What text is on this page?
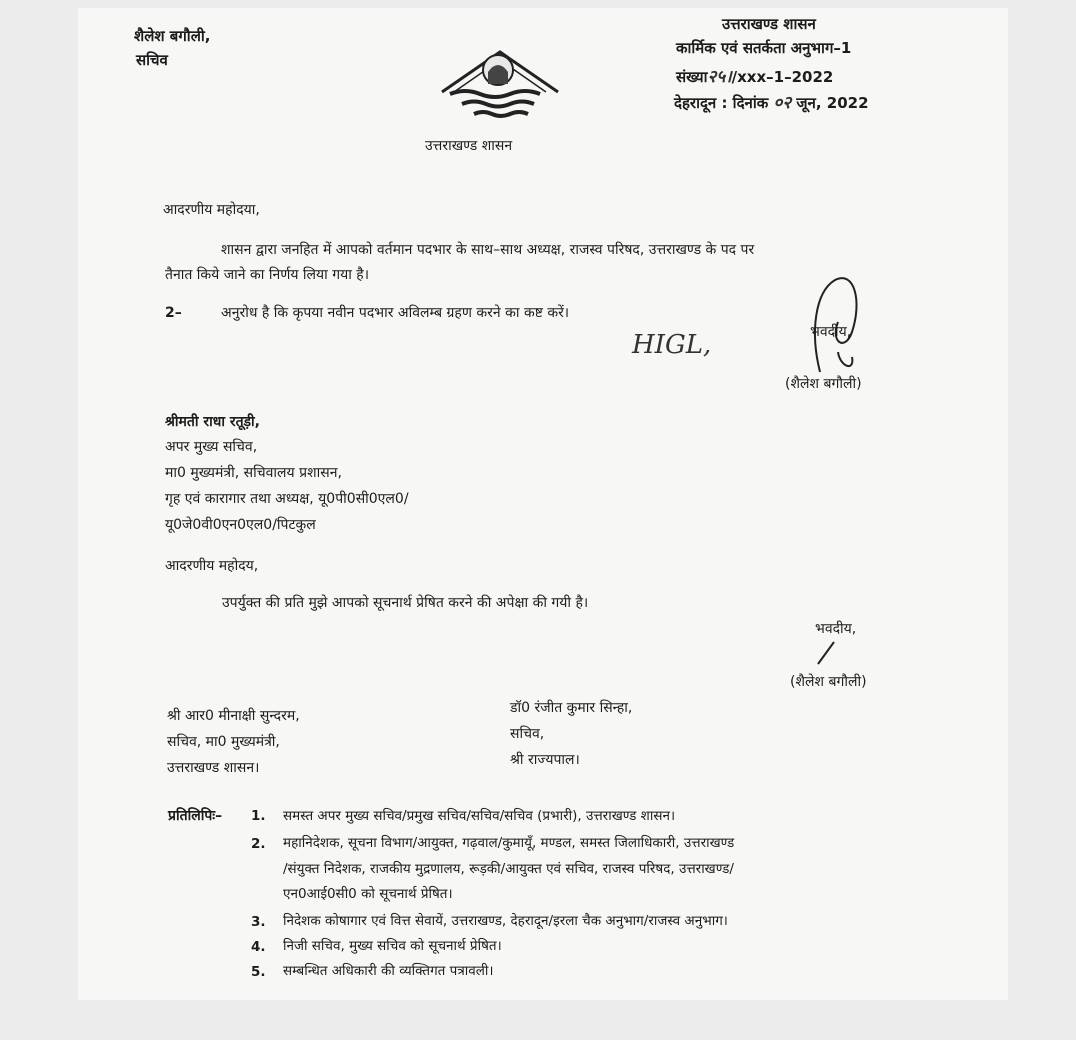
शैलेश बगौली,
सचिव
उत्तराखण्ड शासन
उत्तराखण्ड शासन
कार्मिक एवं सतर्कता अनुभाग–1
संख्या२५।/xxx–1–2022
देहरादून : दिनांक ०२ जून, 2022
आदरणीय महोदया,
शासन द्वारा जनहित में आपको वर्तमान पदभार के साथ–साथ अध्यक्ष, राजस्व परिषद, उत्तराखण्ड के पद पर
तैनात किये जाने का निर्णय लिया गया है।
2–	अनुरोध है कि कृपया नवीन पदभार अविलम्ब ग्रहण करने का कष्ट करें।
HIGL,	भवदीय,
(शैलेश बगौली)
श्रीमती राधा रतूड़ी,
अपर मुख्य सचिव,
मा0 मुख्यमंत्री, सचिवालय प्रशासन,
गृह एवं कारागार तथा अध्यक्ष, यू0पी0सी0एल0/
यू0जे0वी0एन0एल0/पिटकुल
आदरणीय महोदय,
उपर्युक्त की प्रति मुझे आपको सूचनार्थ प्रेषित करने की अपेक्षा की गयी है।
भवदीय,
(शैलेश बगौली)
श्री आर0 मीनाक्षी सुन्दरम,
सचिव, मा0 मुख्यमंत्री,
उत्तराखण्ड शासन।
डॉ0 रंजीत कुमार सिन्हा,
सचिव,
श्री राज्यपाल।
प्रतिलिपिः– 1. समस्त अपर मुख्य सचिव/प्रमुख सचिव/सचिव/सचिव (प्रभारी), उत्तराखण्ड शासन।
2. महानिदेशक, सूचना विभाग/आयुक्त, गढ़वाल/कुमायूँ, मण्डल, समस्त जिलाधिकारी, उत्तराखण्ड
/संयुक्त निदेशक, राजकीय मुद्रणालय, रूड़की/आयुक्त एवं सचिव, राजस्व परिषद, उत्तराखण्ड/
एन0आई0सी0 को सूचनार्थ प्रेषित।
3. निदेशक कोषागार एवं वित्त सेवायें, उत्तराखण्ड, देहरादून/इरला चैक अनुभाग/राजस्व अनुभाग।
4. निजी सचिव, मुख्य सचिव को सूचनार्थ प्रेषित।
5. सम्बन्धित अधिकारी की व्यक्तिगत पत्रावली।
